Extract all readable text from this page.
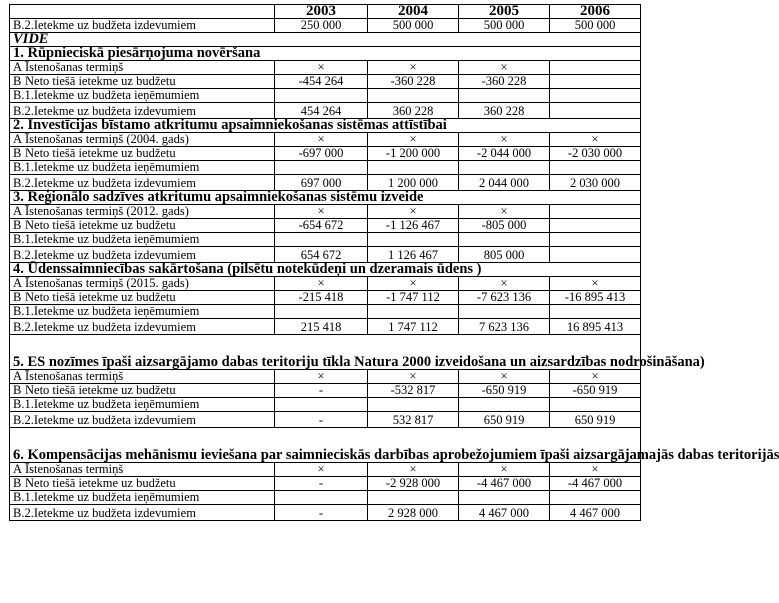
	2003	2004	2005	2006
B.2.Ietekme uz budžeta izdevumiem	250 000	500 000	500 000	500 000
VIDE				
1. Rūpnieciskā piesārņojuma novēršana				
A Īstenošanas termiņš	×	×	×	
B Neto tiešā ietekme uz budžetu	-454 264	-360 228	-360 228	
B.1.Ietekme uz budžeta ieņēmumiem				
B.2.Ietekme uz budžeta izdevumiem	454 264	360 228	360 228	
2. Investīcijas bīstamo atkritumu apsaimniekošanas sistēmas attīstībai				
A Īstenošanas termiņš (2004. gads)	×	×	×	×
B Neto tiešā ietekme uz budžetu	-697 000	-1 200 000	-2 044 000	-2 030 000
B.1.Ietekme uz budžeta ieņēmumiem				
B.2.Ietekme uz budžeta izdevumiem	697 000	1 200 000	2 044 000	2 030 000
3. Reģionālo sadzīves atkritumu apsaimniekošanas sistēmu izveide				
A Īstenošanas termiņš (2012. gads)	×	×	×	
B Neto tiešā ietekme uz budžetu	-654 672	-1 126 467	-805 000	
B.1.Ietekme uz budžeta ieņēmumiem				
B.2.Ietekme uz budžeta izdevumiem	654 672	1 126 467	805 000	
4. Ūdenssaimniecības sakārtošana (pilsētu notekūdeņi un dzeramais ūdens )				
A Īstenošanas termiņš (2015. gads)	×	×	×	×
B Neto tiešā ietekme uz budžetu	-215 418	-1 747 112	-7 623 136	-16 895 413
B.1.Ietekme uz budžeta ieņēmumiem				
B.2.Ietekme uz budžeta izdevumiem	215 418	1 747 112	7 623 136	16 895 413
5. ES nozīmes īpaši aizsargājamo dabas teritoriju tīkla Natura 2000 izveidošana un aizsardzības nodrošināšana)				
A Īstenošanas termiņš	×	×	×	×
B Neto tiešā ietekme uz budžetu	-	-532 817	-650 919	-650 919
B.1.Ietekme uz budžeta ieņēmumiem				
B.2.Ietekme uz budžeta izdevumiem	-	532 817	650 919	650 919
6. Kompensācijas mehānismu ieviešana par saimnieciskās darbības aprobežojumiem īpaši aizsargājamajās dabas teritorijās				
A Īstenošanas termiņš	×	×	×	×
B Neto tiešā ietekme uz budžetu	-	-2 928 000	-4 467 000	-4 467 000
B.1.Ietekme uz budžeta ieņēmumiem				
B.2.Ietekme uz budžeta izdevumiem	-	2 928 000	4 467 000	4 467 000
